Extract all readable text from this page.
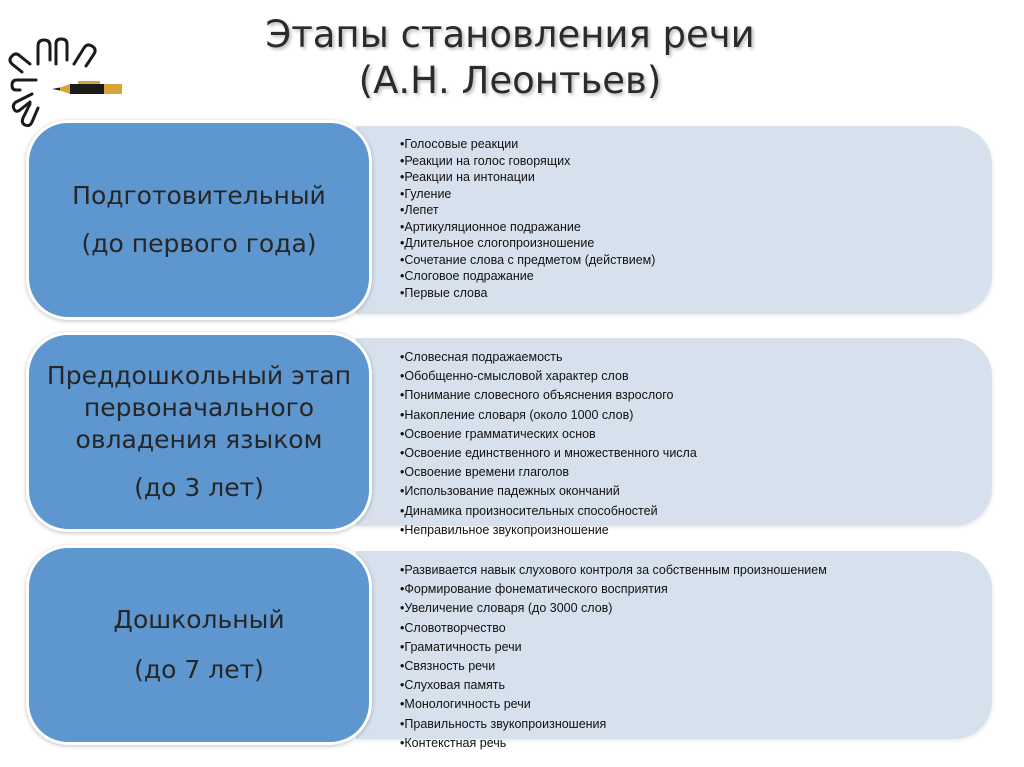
Этапы становления речи
(А.Н. Леонтьев)
• Голосовые реакции
• Реакции на голос говорящих
• Реакции на интонации
• Гуление
• Лепет
• Артикуляционное подражание
• Длительное слогопроизношение
• Сочетание слова с предметом (действием)
• Слоговое подражание
• Первые слова
Подготовительный
(до первого года)
• Словесная подражаемость
• Обобщенно-смысловой характер слов
• Понимание словесного объяснения взрослого
• Накопление словаря (около 1000 слов)
• Освоение грамматических основ
• Освоение единственного и множественного числа
• Освоение времени глаголов
• Использование падежных окончаний
• Динамика произносительных способностей
• Неправильное звукопроизношение
Преддошкольный этап первоначального овладения языком
(до 3 лет)
• Развивается навык слухового контроля за собственным произношением
• Формирование фонематического восприятия
• Увеличение словаря (до 3000 слов)
• Словотворчество
• Граматичность речи
• Связность речи
• Слуховая память
• Монологичность речи
• Правильность звукопроизношения
• Контекстная речь
Дошкольный
(до 7 лет)
